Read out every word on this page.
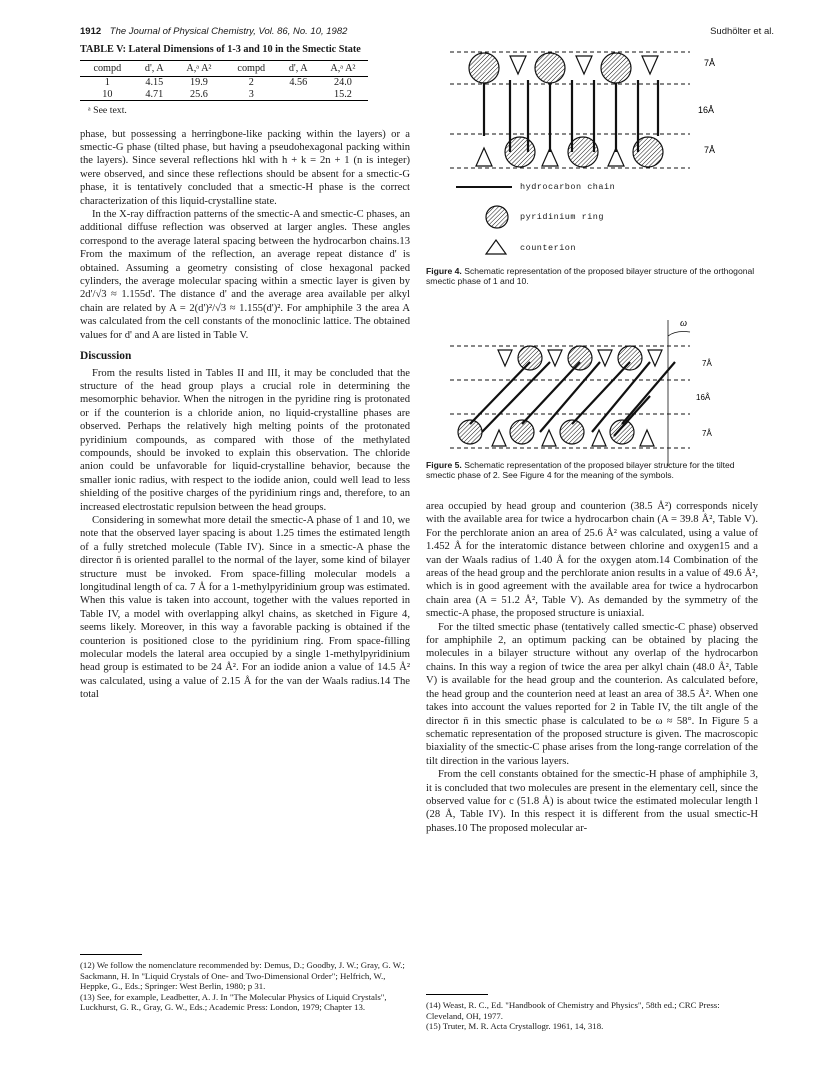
1912 The Journal of Physical Chemistry, Vol. 86, No. 10, 1982	Sudhölter et al.
TABLE V: Lateral Dimensions of 1-3 and 10 in the Smectic State
compd	d', A	A,ᵃ A²	compd	d', A	A,ᵃ A²
1	4.15	19.9	2	4.56	24.0
10	4.71	25.6	3		15.2
ᵃ See text.

phase, but possessing a herringbone-like packing within the layers) or a smectic-G phase (tilted phase, but having a pseudohexagonal packing within the layers). Since several reflections hkl with h + k = 2n + 1 (n is integer) were observed, and since these reflections should be absent for a smectic-G phase, it is tentatively concluded that a smectic-H phase is the correct characterization of this liquid-crystalline state.

In the X-ray diffraction patterns of the smectic-A and smectic-C phases, an additional diffuse reflection was observed at larger angles. These angles correspond to the average lateral spacing between the hydrocarbon chains.13 From the maximum of the reflection, an average repeat distance d' is obtained. Assuming a geometry consisting of close hexagonal packed cylinders, the average molecular spacing within a smectic layer is given by 2d'/√3 ≈ 1.155d'. The distance d' and the average area available per alkyl chain are related by A = 2(d')²/√3 ≈ 1.155(d')². For amphiphile 3 the area A was calculated from the cell constants of the monoclinic lattice. The obtained values for d' and A are listed in Table V.

Discussion

From the results listed in Tables II and III, it may be concluded that the structure of the head group plays a crucial role in determining the mesomorphic behavior. When the nitrogen in the pyridine ring is protonated or if the counterion is a chloride anion, no liquid-crystalline phases are observed. Perhaps the relatively high melting points of the protonated pyridinium compounds, as compared with those of the methylated compounds, should be invoked to explain this observation. The chloride anion could be unfavorable for liquid-crystalline behavior, because the smaller ionic radius, with respect to the iodide anion, could well lead to less shielding of the positive charges of the pyridinium rings and, therefore, to an increased electrostatic repulsion between the head groups.

Considering in somewhat more detail the smectic-A phase of 1 and 10, we note that the observed layer spacing is about 1.25 times the estimated length of a fully stretched molecule (Table IV). Since in a smectic-A phase the director n̄ is oriented parallel to the normal of the layer, some kind of bilayer structure must be invoked. From space-filling molecular models a longitudinal length of ca. 7 Å for a 1-methylpyridinium group was estimated. When this value is taken into account, together with the values reported in Table IV, a model with overlapping alkyl chains, as sketched in Figure 4, seems likely. Moreover, in this way a favorable packing is obtained if the counterion is positioned close to the pyridinium ring. From space-filling molecular models the lateral area occupied by a single 1-methylpyridinium head group is estimated to be 24 Å². For an iodide anion a value of 14.5 Å² was calculated, using a value of 2.15 Å for the van der Waals radius.14 The total

(12) We follow the nomenclature recommended by: Demus, D.; Goodby, J. W.; Gray, G. W.; Sackmann, H. In "Liquid Crystals of One- and Two-Dimensional Order"; Helfrich, W., Heppke, G., Eds.; Springer: West Berlin, 1980; p 31.

(13) See, for example, Leadbetter, A. J. In "The Molecular Physics of Liquid Crystals", Luckhurst, G. R., Gray, G. W., Eds.; Academic Press: London, 1979; Chapter 13.

7Å
16Å
7Å
hydrocarbon chain
pyridinium ring
counterion
Figure 4. Schematic representation of the proposed bilayer structure of the orthogonal smectic phase of 1 and 10.
ω
7Å
16Å
7Å
Figure 5. Schematic representation of the proposed bilayer structure for the tilted smectic phase of 2. See Figure 4 for the meaning of the symbols.

area occupied by head group and counterion (38.5 Å²) corresponds nicely with the available area for twice a hydrocarbon chain (A = 39.8 Å², Table V). For the perchlorate anion an area of 25.6 Å² was calculated, using a value of 1.452 Å for the interatomic distance between chlorine and oxygen15 and a van der Waals radius of 1.40 Å for the oxygen atom.14 Combination of the areas of the head group and the perchlorate anion results in a value of 49.6 Å², which is in good agreement with the available area for twice a hydrocarbon chain area (A = 51.2 Å², Table V). As demanded by the symmetry of the smectic-A phase, the proposed structure is uniaxial.

For the tilted smectic phase (tentatively called smectic-C phase) observed for amphiphile 2, an optimum packing can be obtained by placing the molecules in a bilayer structure without any overlap of the hydrocarbon chains. In this way a region of twice the area per alkyl chain (48.0 Å², Table V) is available for the head group and the counterion. As calculated before, the head group and the counterion need at least an area of 38.5 Å². When one takes into account the values reported for 2 in Table IV, the tilt angle of the director n̄ in this smectic phase is calculated to be ω ≈ 58°. In Figure 5 a schematic representation of the proposed structure is given. The macroscopic biaxiality of the smectic-C phase arises from the long-range correlation of the tilt direction in the various layers.

From the cell constants obtained for the smectic-H phase of amphiphile 3, it is concluded that two molecules are present in the elementary cell, since the observed value for c (51.8 Å) is about twice the estimated molecular length l (28 Å, Table IV). In this respect it is different from the usual smectic-H phases.10 The proposed molecular ar-

(14) Weast, R. C., Ed. "Handbook of Chemistry and Physics", 58th ed.; CRC Press: Cleveland, OH, 1977.

(15) Truter, M. R. Acta Crystallogr. 1961, 14, 318.
